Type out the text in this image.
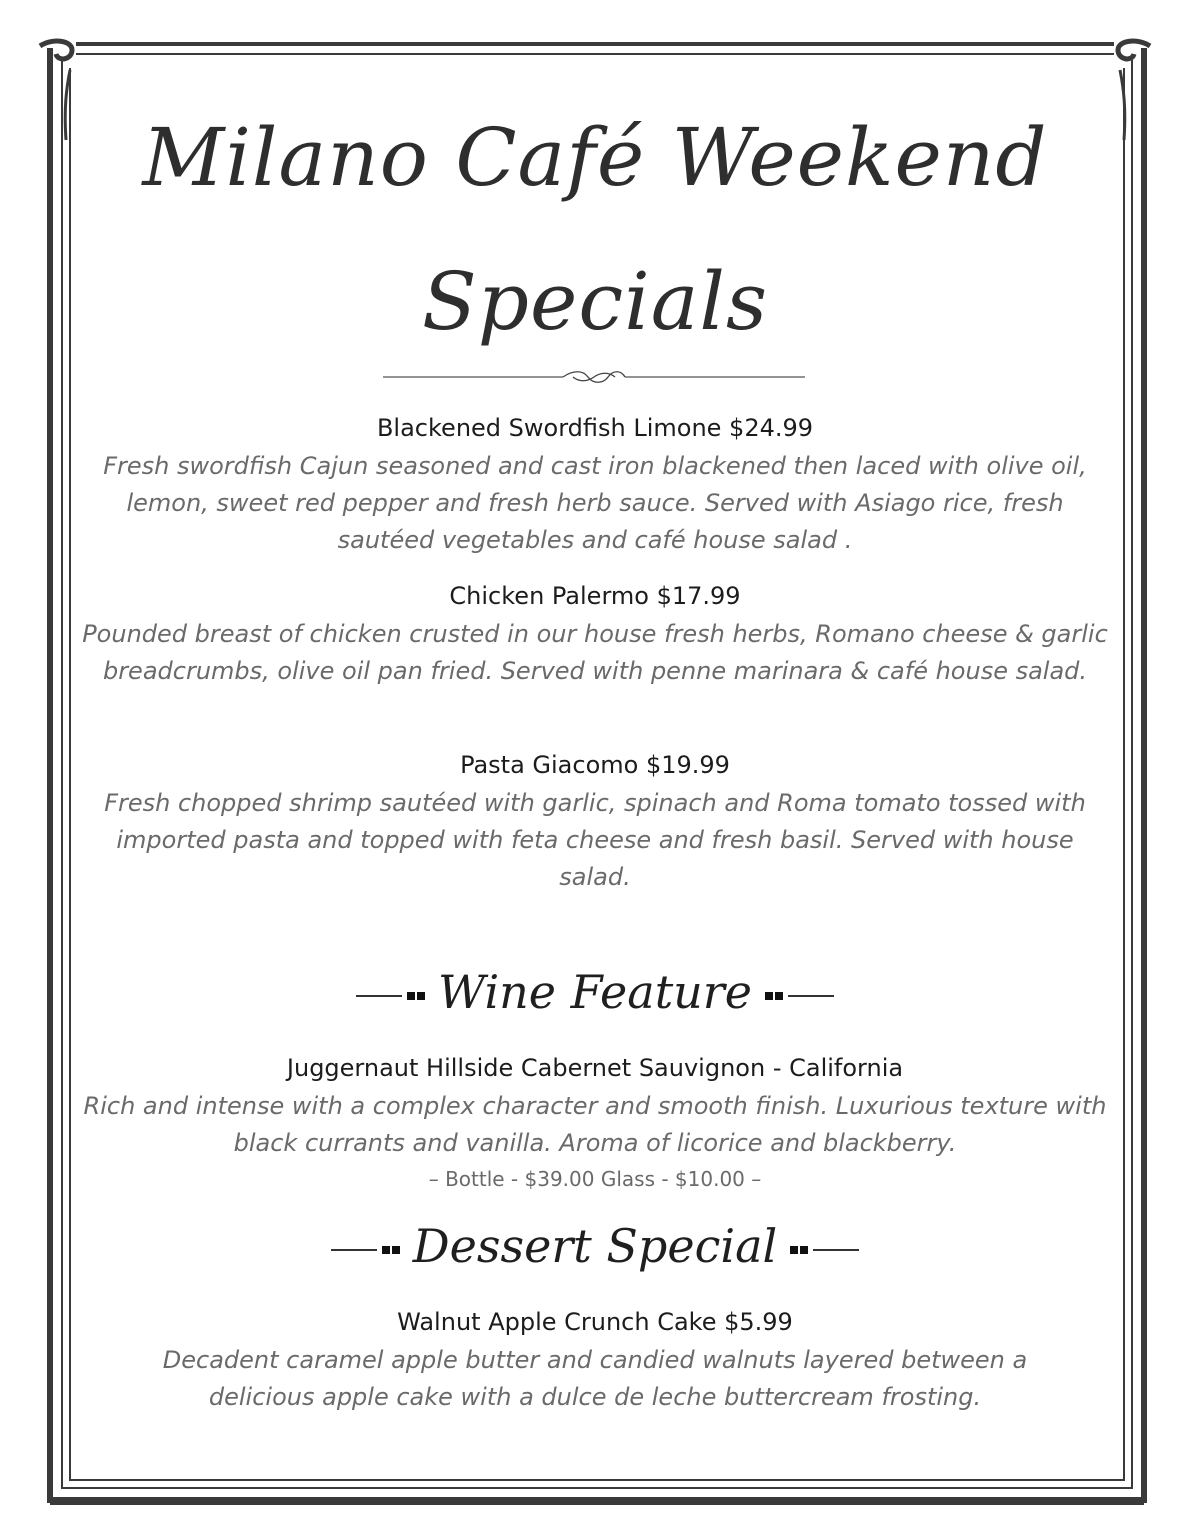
Milano Café Weekend
Specials
Blackened Swordfish Limone $24.99
Fresh swordfish Cajun seasoned and cast iron blackened then laced with olive oil, lemon, sweet red pepper and fresh herb sauce. Served with Asiago rice, fresh sautéed vegetables and café house salad .
Chicken Palermo $17.99
Pounded breast of chicken crusted in our house fresh herbs, Romano cheese & garlic breadcrumbs, olive oil pan fried. Served with penne marinara & café house salad.
Pasta Giacomo $19.99
Fresh chopped shrimp sautéed with garlic, spinach and Roma tomato tossed with imported pasta and topped with feta cheese and fresh basil. Served with house salad.
Wine Feature
Juggernaut Hillside Cabernet Sauvignon - California
Rich and intense with a complex character and smooth finish. Luxurious texture with black currants and vanilla. Aroma of licorice and blackberry.
– Bottle - $39.00 Glass - $10.00 –
Dessert Special
Walnut Apple Crunch Cake $5.99
Decadent caramel apple butter and candied walnuts layered between a delicious apple cake with a dulce de leche buttercream frosting.
